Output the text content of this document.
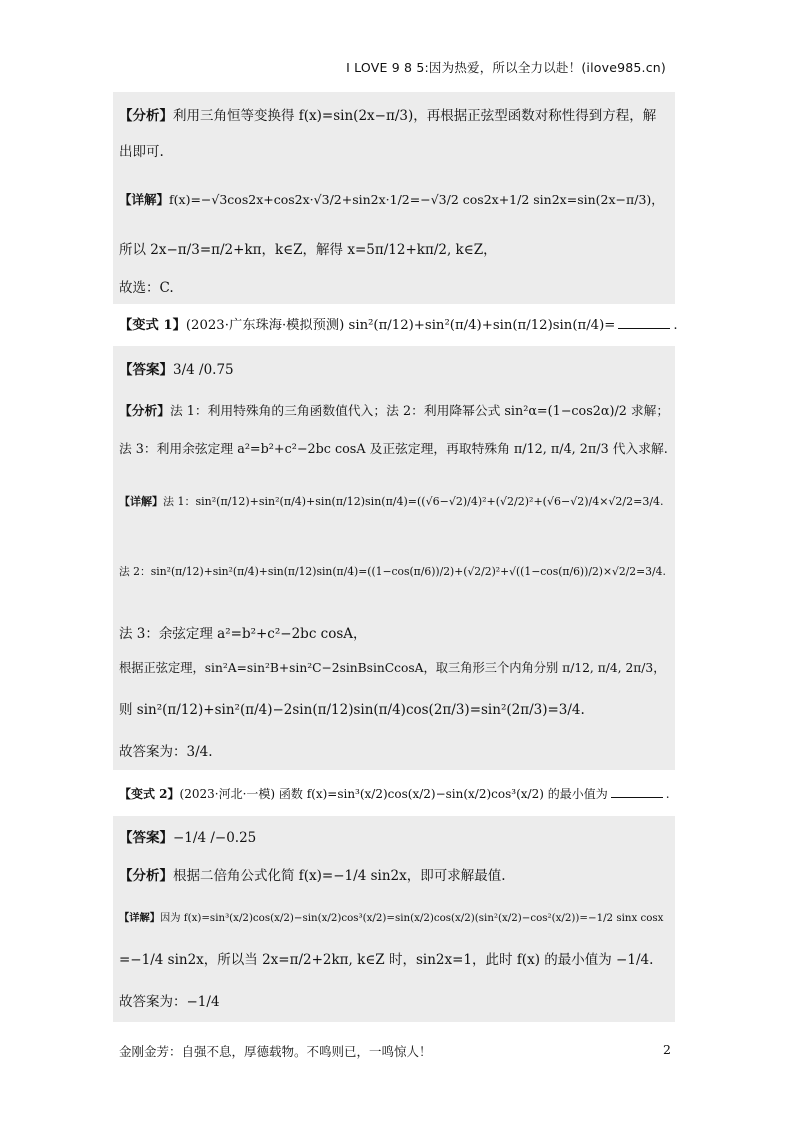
I LOVE 9 8 5:因为热爱，所以全力以赴！(ilove985.cn)
【分析】利用三角恒等变换得 f(x)=sin(2x−π/3)，再根据正弦型函数对称性得到方程，解
出即可.
【详解】f(x)=−√3cos2x+cos2x·√3/2+sin2x·1/2=−√3/2 cos2x+1/2 sin2x=sin(2x−π/3)，
所以 2x−π/3=π/2+kπ，k∈Z，解得 x=5π/12+kπ/2, k∈Z，
故选：C.
【变式 1】(2023·广东珠海·模拟预测) sin²(π/12)+sin²(π/4)+sin(π/12)sin(π/4)=	.
【答案】3/4 /0.75
【分析】法 1：利用特殊角的三角函数值代入；法 2：利用降幂公式 sin²α=(1−cos2α)/2 求解；
法 3：利用余弦定理 a²=b²+c²−2bc cosA 及正弦定理，再取特殊角 π/12, π/4, 2π/3 代入求解.
【详解】法 1：sin²(π/12)+sin²(π/4)+sin(π/12)sin(π/4)=((√6−√2)/4)²+(√2/2)²+(√6−√2)/4×√2/2=3/4.
法 2：sin²(π/12)+sin²(π/4)+sin(π/12)sin(π/4)=((1−cos(π/6))/2)+(√2/2)²+√((1−cos(π/6))/2)×√2/2=3/4.
法 3：余弦定理 a²=b²+c²−2bc cosA，
根据正弦定理，sin²A=sin²B+sin²C−2sinBsinCcosA，取三角形三个内角分别 π/12, π/4, 2π/3，
则 sin²(π/12)+sin²(π/4)−2sin(π/12)sin(π/4)cos(2π/3)=sin²(2π/3)=3/4.
故答案为：3/4.
【变式 2】(2023·河北·一模) 函数 f(x)=sin³(x/2)cos(x/2)−sin(x/2)cos³(x/2) 的最小值为	.
【答案】−1/4 /−0.25
【分析】根据二倍角公式化简 f(x)=−1/4 sin2x，即可求解最值.
【详解】因为 f(x)=sin³(x/2)cos(x/2)−sin(x/2)cos³(x/2)=sin(x/2)cos(x/2)(sin²(x/2)−cos²(x/2))=−1/2 sinx cosx
=−1/4 sin2x，所以当 2x=π/2+2kπ, k∈Z 时，sin2x=1，此时 f(x) 的最小值为 −1/4.
故答案为：−1/4
金刚金芳：自强不息，厚德载物。不鸣则已，一鸣惊人！	2
